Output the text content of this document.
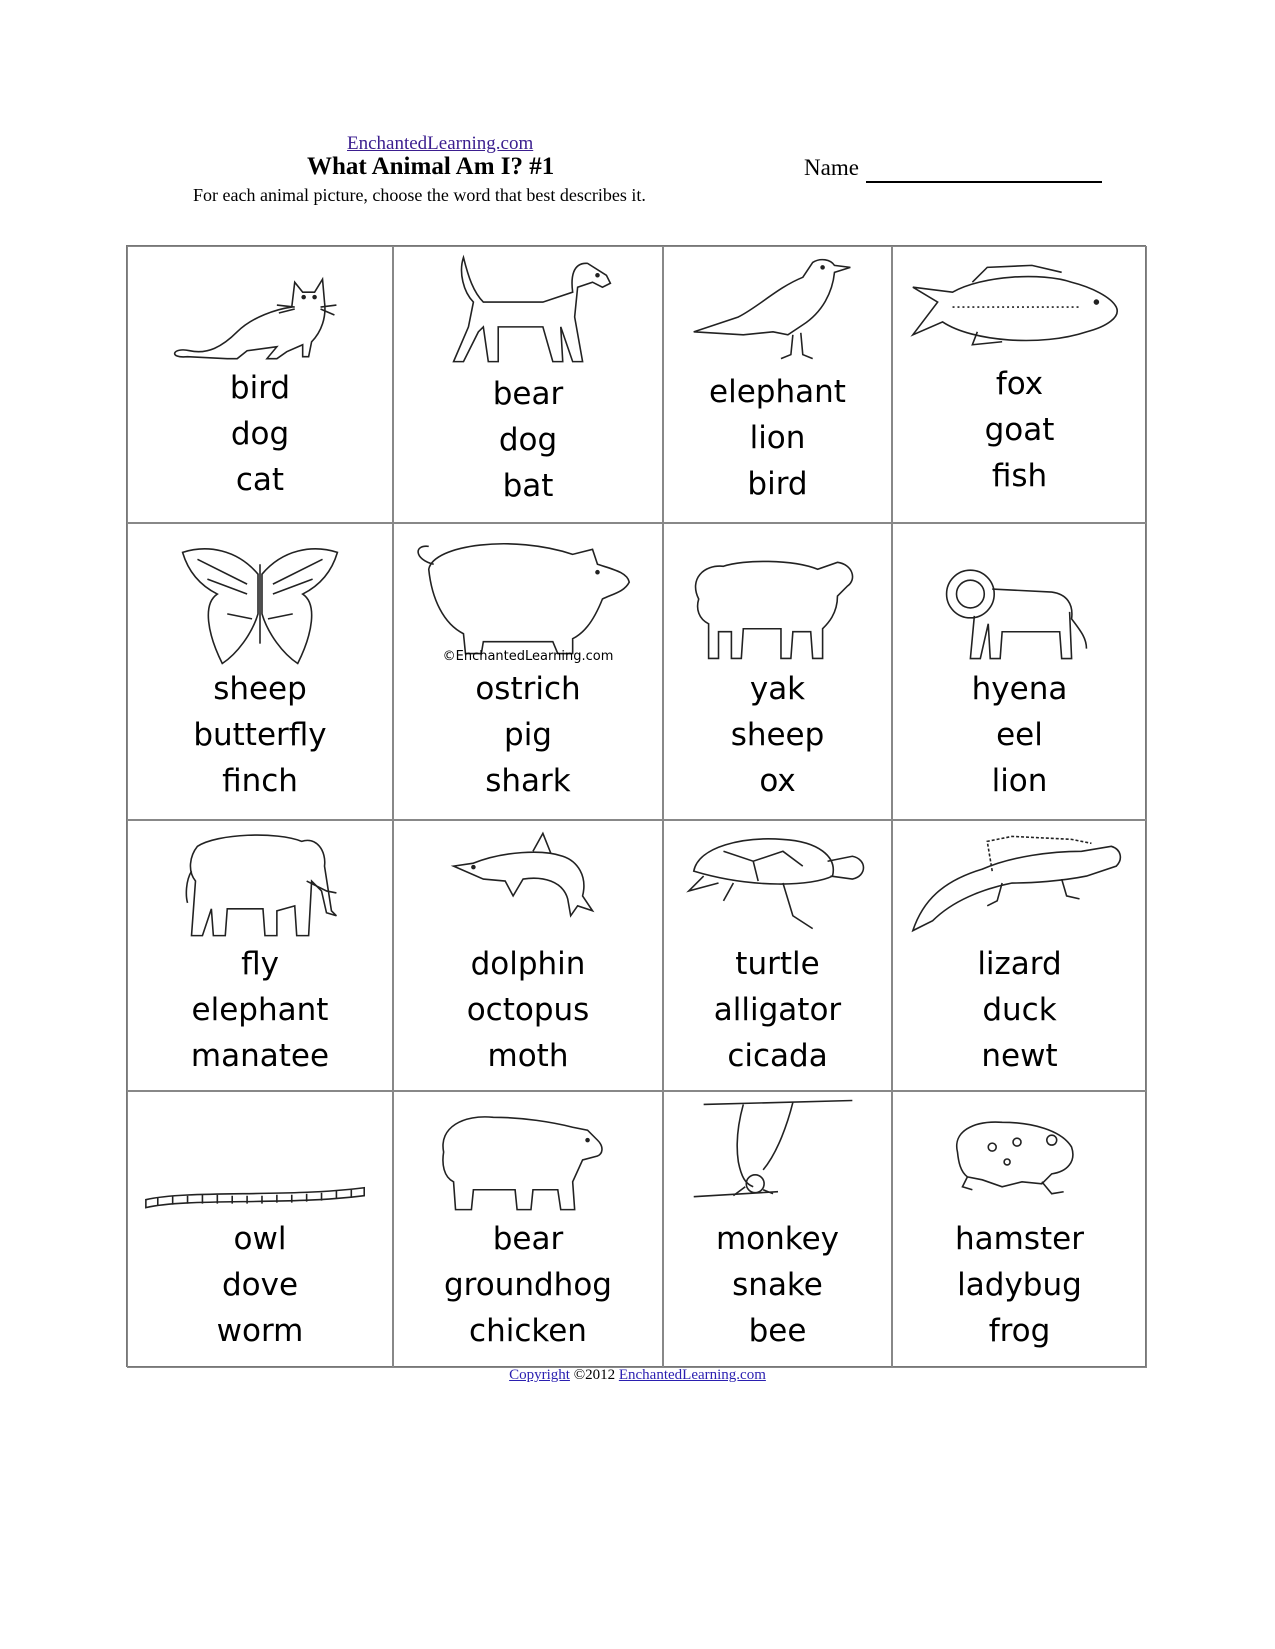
EnchantedLearning.com
What Animal Am I? #1	Name
For each animal picture, choose the word that best describes it.
bird
dog
cat
bear
dog
bat
elephant
lion
bird
fox
goat
fish
sheep
butterfly
finch
©EnchantedLearning.com
ostrich
pig
shark
yak
sheep
ox
hyena
eel
lion
fly
elephant
manatee
dolphin
octopus
moth
turtle
alligator
cicada
lizard
duck
newt
owl
dove
worm
bear
groundhog
chicken
monkey
snake
bee
hamster
ladybug
frog
Copyright ©2012 EnchantedLearning.com
